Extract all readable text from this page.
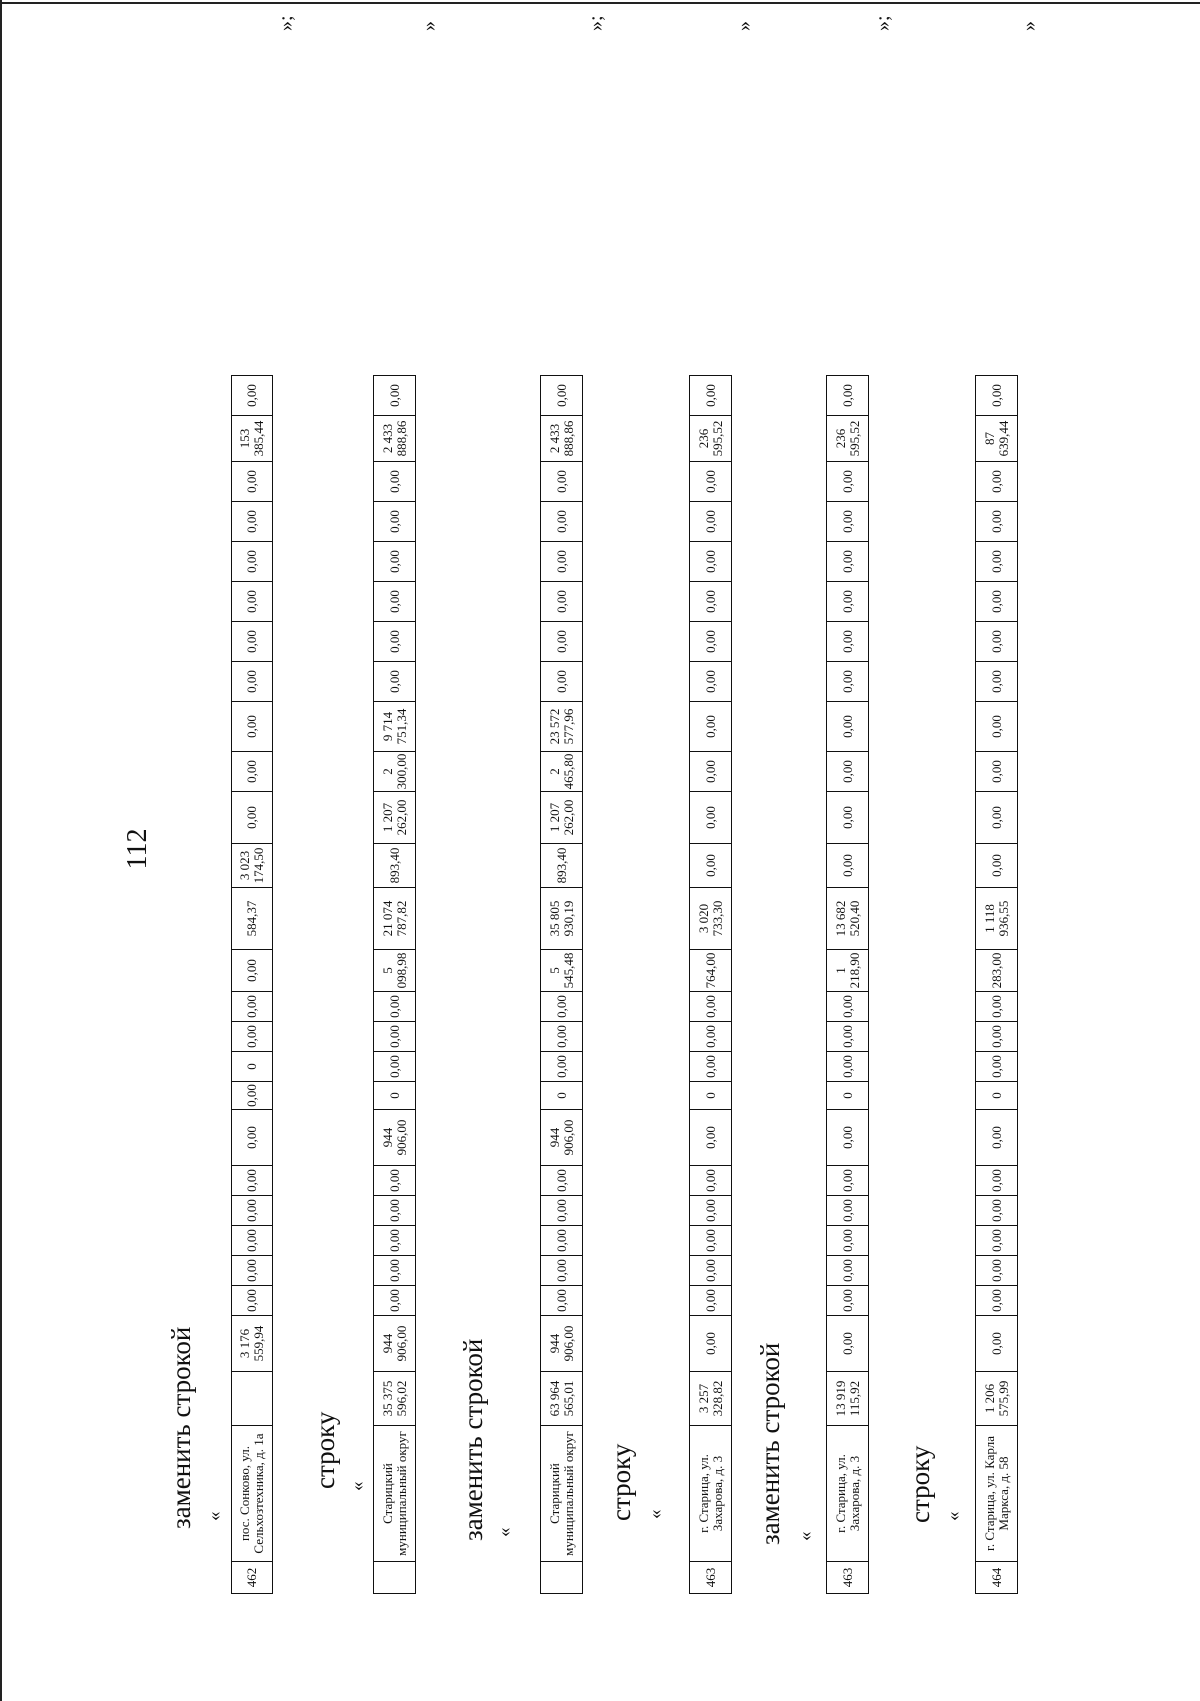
112
заменить строкой «
462	пос. Сонково, ул. Сельхозтехника, д. 1а		3 176 559,94	0,00	0,00	0,00	0,00	0,00	0,00	0,00	0	0,00	0,00	0,00	584,37	3 023 174,50	0,00	0,00	0,00	0,00	0,00	0,00	0,00	0,00	0,00	153 385,44	0,00
»;
строку «
	Старицкий муниципальный округ	35 375 596,02	944 906,00	0,00	0,00	0,00	0,00	0,00	944 906,00	0	0,00	0,00	0,00	5 098,98	21 074 787,82	893,40	1 207 262,00	2 300,00	9 714 751,34	0,00	0,00	0,00	0,00	0,00	0,00	2 433 888,86	0,00
»
заменить строкой «
	Старицкий муниципальный округ	63 964 565,01	944 906,00	0,00	0,00	0,00	0,00	0,00	944 906,00	0	0,00	0,00	0,00	5 545,48	35 805 930,19	893,40	1 207 262,00	2 465,80	23 572 577,96	0,00	0,00	0,00	0,00	0,00	0,00	2 433 888,86	0,00
»;
строку «
463	г. Старица, ул. Захарова, д. 3	3 257 328,82	0,00	0,00	0,00	0,00	0,00	0,00	0,00	0	0,00	0,00	0,00	764,00	3 020 733,30	0,00	0,00	0,00	0,00	0,00	0,00	0,00	0,00	0,00	0,00	236 595,52	0,00
»
заменить строкой «
463	г. Старица, ул. Захарова, д. 3	13 919 115,92	0,00	0,00	0,00	0,00	0,00	0,00	0,00	0	0,00	0,00	0,00	1 218,90	13 682 520,40	0,00	0,00	0,00	0,00	0,00	0,00	0,00	0,00	0,00	0,00	236 595,52	0,00
»;
строку «
464	г. Старица, ул. Карла Маркса, д. 58	1 206 575,99	0,00	0,00	0,00	0,00	0,00	0,00	0,00	0	0,00	0,00	0,00	283,00	1 118 936,55	0,00	0,00	0,00	0,00	0,00	0,00	0,00	0,00	0,00	0,00	87 639,44	0,00
»
